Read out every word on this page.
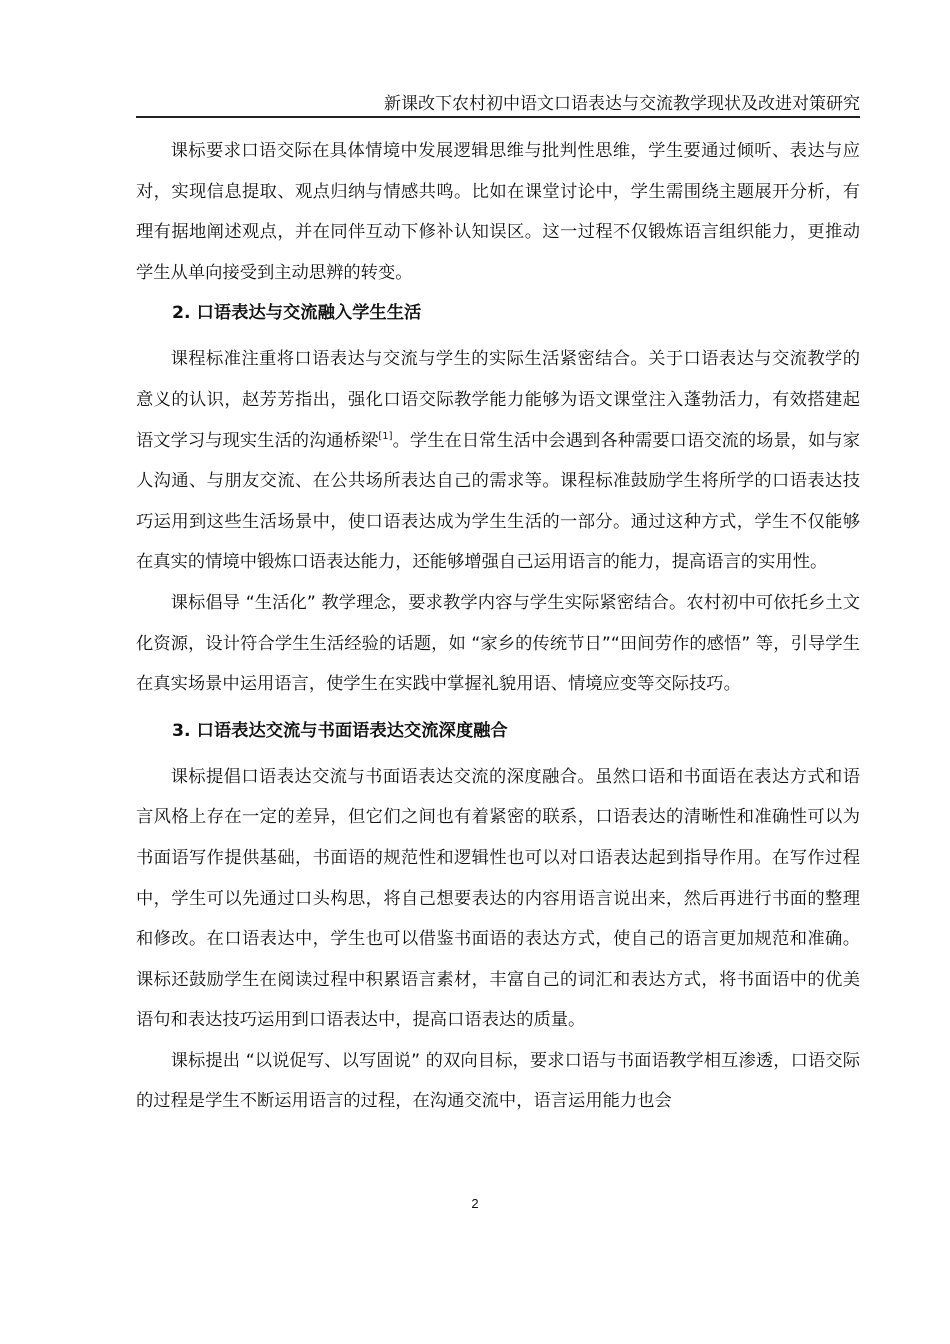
新课改下农村初中语文口语表达与交流教学现状及改进对策研究

课标要求口语交际在具体情境中发展逻辑思维与批判性思维，学生要通过倾听、表达与应对，实现信息提取、观点归纳与情感共鸣。比如在课堂讨论中，学生需围绕主题展开分析，有理有据地阐述观点，并在同伴互动下修补认知误区。这一过程不仅锻炼语言组织能力，更推动学生从单向接受到主动思辨的转变。

2. 口语表达与交流融入学生生活

课程标准注重将口语表达与交流与学生的实际生活紧密结合。关于口语表达与交流教学的意义的认识，赵芳芳指出，强化口语交际教学能力能够为语文课堂注入蓬勃活力，有效搭建起语文学习与现实生活的沟通桥梁[1]。学生在日常生活中会遇到各种需要口语交流的场景，如与家人沟通、与朋友交流、在公共场所表达自己的需求等。课程标准鼓励学生将所学的口语表达技巧运用到这些生活场景中，使口语表达成为学生生活的一部分。通过这种方式，学生不仅能够在真实的情境中锻炼口语表达能力，还能够增强自己运用语言的能力，提高语言的实用性。

课标倡导 “生活化” 教学理念，要求教学内容与学生实际紧密结合。农村初中可依托乡土文化资源，设计符合学生生活经验的话题，如 “家乡的传统节日”“田间劳作的感悟” 等，引导学生在真实场景中运用语言，使学生在实践中掌握礼貌用语、情境应变等交际技巧。

3. 口语表达交流与书面语表达交流深度融合

课标提倡口语表达交流与书面语表达交流的深度融合。虽然口语和书面语在表达方式和语言风格上存在一定的差异，但它们之间也有着紧密的联系，口语表达的清晰性和准确性可以为书面语写作提供基础，书面语的规范性和逻辑性也可以对口语表达起到指导作用。在写作过程中，学生可以先通过口头构思，将自己想要表达的内容用语言说出来，然后再进行书面的整理和修改。在口语表达中，学生也可以借鉴书面语的表达方式，使自己的语言更加规范和准确。课标还鼓励学生在阅读过程中积累语言素材，丰富自己的词汇和表达方式，将书面语中的优美语句和表达技巧运用到口语表达中，提高口语表达的质量。

课标提出 “以说促写、以写固说” 的双向目标，要求口语与书面语教学相互渗透，口语交际的过程是学生不断运用语言的过程，在沟通交流中，语言运用能力也会

2
